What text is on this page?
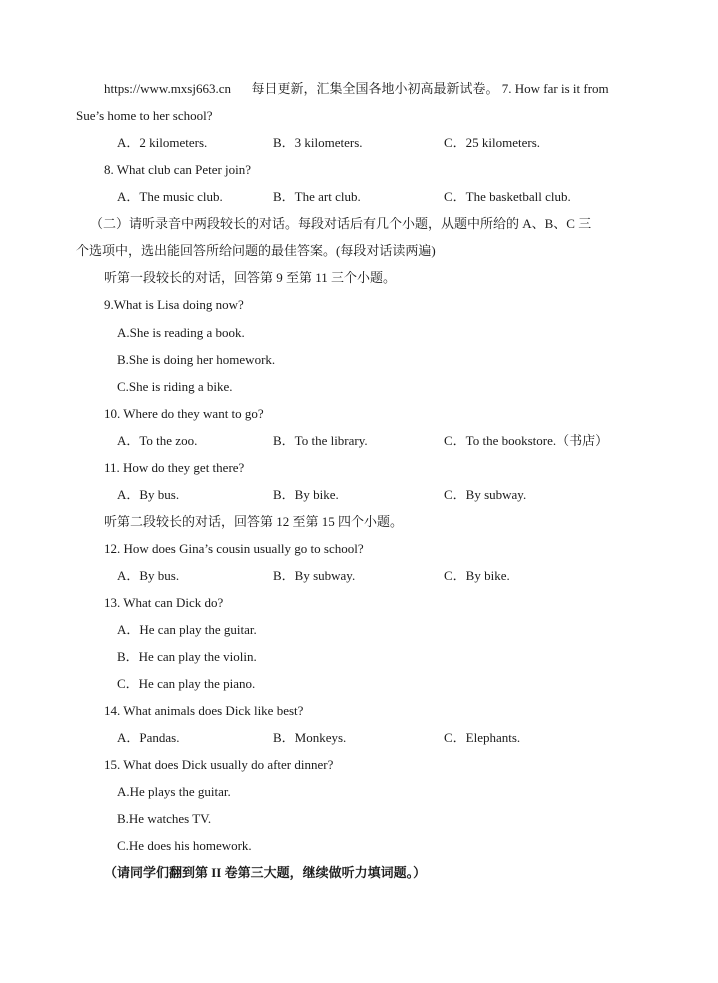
https://www.mxsj663.cn 每日更新，汇集全国各地小初高最新试卷。 7. How far is it from
Sue’s home to her school?
A．2 kilometers.	B．3 kilometers.	C．25 kilometers.
8. What club can Peter join?
A．The music club.	B．The art club.	C．The basketball club.
（二）请听录音中两段较长的对话。每段对话后有几个小题，从题中所给的 A、B、C 三
个选项中，选出能回答所给问题的最佳答案。(每段对话读两遍)
听第一段较长的对话，回答第 9 至第 11 三个小题。
9.What is Lisa doing now?
A.She is reading a book.
B.She is doing her homework.
C.She is riding a bike.
10. Where do they want to go?
A．To the zoo.	B．To the library.	C．To the bookstore.（书店）
11. How do they get there?
A．By bus.	B．By bike.	C．By subway.
听第二段较长的对话，回答第 12 至第 15 四个小题。
12. How does Gina’s cousin usually go to school?
A．By bus.	B．By subway.	C．By bike.
13. What can Dick do?
A．He can play the guitar.
B．He can play the violin.
C．He can play the piano.
14. What animals does Dick like best?
A．Pandas.	B．Monkeys.	C．Elephants.
15. What does Dick usually do after dinner?
A.He plays the guitar.
B.He watches TV.
C.He does his homework.
（请同学们翻到第 II 卷第三大题，继续做听力填词题。）
